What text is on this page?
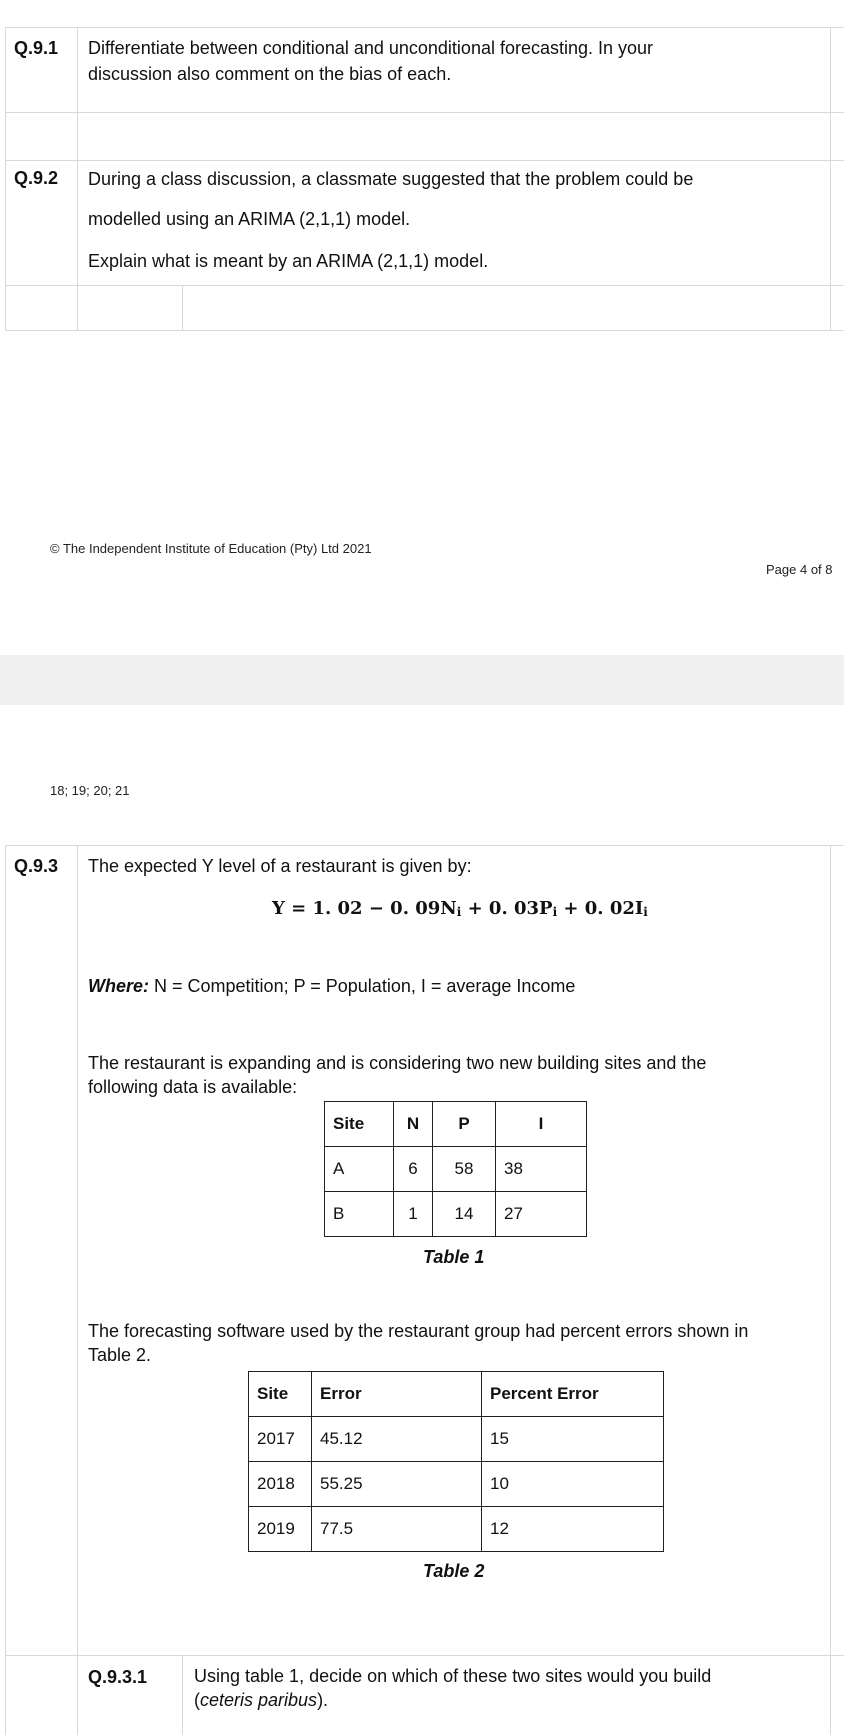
Q.9.1 Differentiate between conditional and unconditional forecasting. In your
discussion also comment on the bias of each.
Q.9.2 During a class discussion, a classmate suggested that the problem could be
modelled using an ARIMA (2,1,1) model.
Explain what is meant by an ARIMA (2,1,1) model.
© The Independent Institute of Education (Pty) Ltd 2021
Page 4 of 8
18; 19; 20; 21
Q.9.3 The expected Y level of a restaurant is given by:
Y = 1. 02 − 0. 09Ni + 0. 03Pi + 0. 02Ii
Where: N = Competition; P = Population, I = average Income
The restaurant is expanding and is considering two new building sites and the
following data is available:
Site	N	P	I
A	6	58	38
B	1	14	27
Table 1
The forecasting software used by the restaurant group had percent errors shown in
Table 2.
Site	Error	Percent Error
2017	45.12	15
2018	55.25	10
2019	77.5	12
Table 2
Q.9.3.1	Using table 1, decide on which of these two sites would you build
(ceteris paribus).
